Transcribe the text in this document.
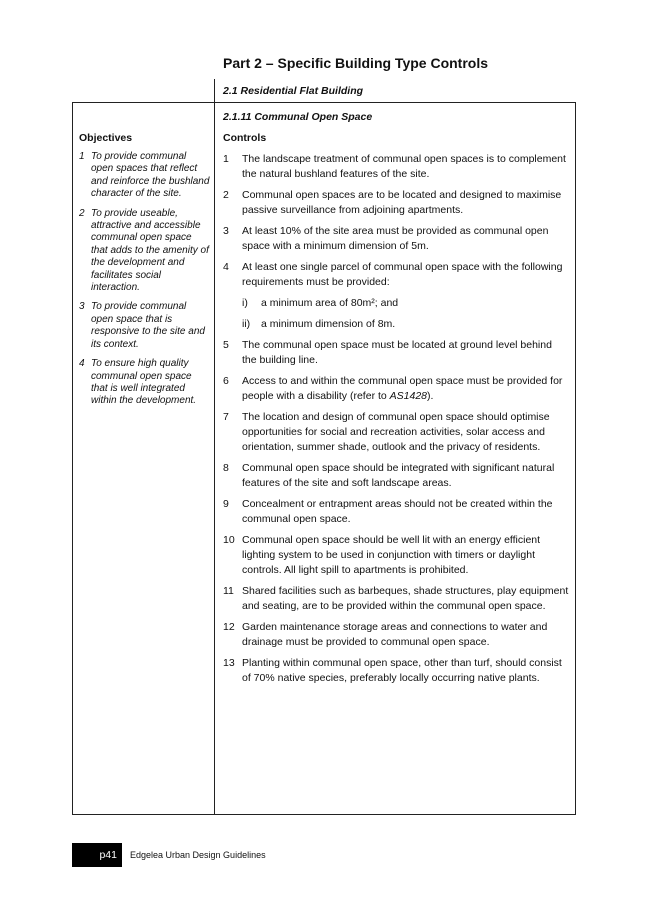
Part 2 – Specific Building Type Controls
2.1 Residential Flat Building
2.1.11 Communal Open Space
Objectives	Controls
1 To provide communal open spaces that reflect and reinforce the bushland character of the site.
2 To provide useable, attractive and accessible communal open space that adds to the amenity of the development and facilitates social interaction.
3 To provide communal open space that is responsive to the site and its context.
4 To ensure high quality communal open space that is well integrated within the development.
1	The landscape treatment of communal open spaces is to complement the natural bushland features of the site.
2	Communal open spaces are to be located and designed to maximise passive surveillance from adjoining apartments.
3	At least 10% of the site area must be provided as communal open space with a minimum dimension of 5m.
4	At least one single parcel of communal open space with the following requirements must be provided:
i)	a minimum area of 80m²; and
ii)	a minimum dimension of 8m.
5	The communal open space must be located at ground level behind the building line.
6	Access to and within the communal open space must be provided for people with a disability (refer to AS1428).
7	The location and design of communal open space should optimise opportunities for social and recreation activities, solar access and orientation, summer shade, outlook and the privacy of residents.
8	Communal open space should be integrated with significant natural features of the site and soft landscape areas.
9	Concealment or entrapment areas should not be created within the communal open space.
10 Communal open space should be well lit with an energy efficient lighting system to be used in conjunction with timers or daylight controls. All light spill to apartments is prohibited.
11 Shared facilities such as barbeques, shade structures, play equipment and seating, are to be provided within the communal open space.
12 Garden maintenance storage areas and connections to water and drainage must be provided to communal open space.
13 Planting within communal open space, other than turf, should consist of 70% native species, preferably locally occurring native plants.
p41 Edgelea Urban Design Guidelines
